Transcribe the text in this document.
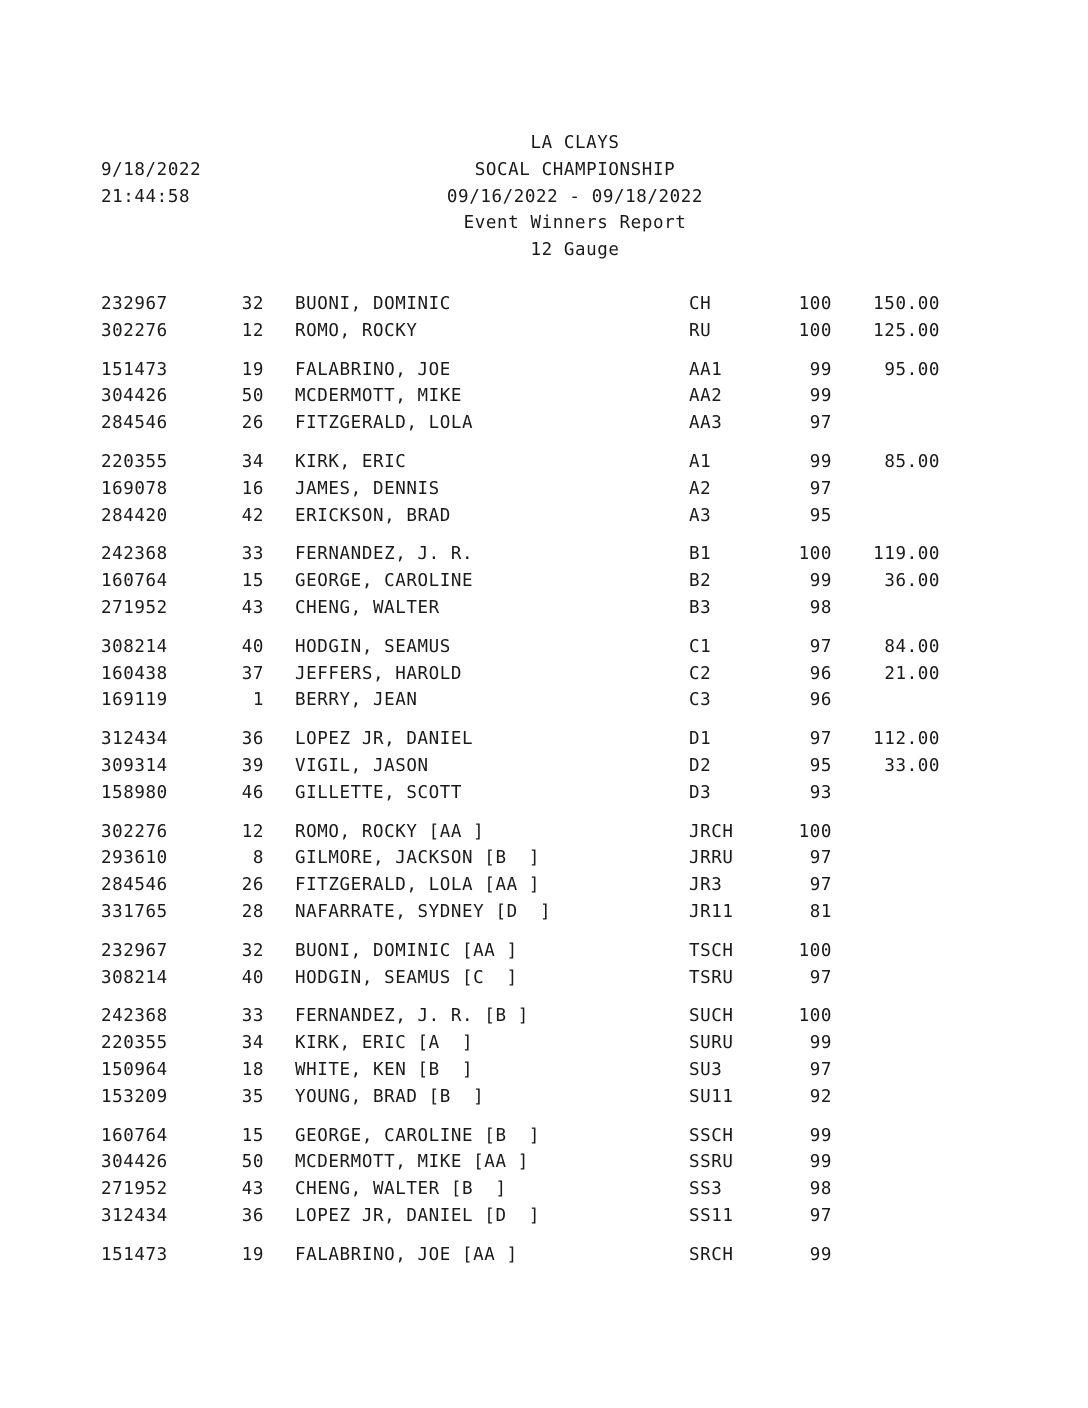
9/18/2022
21:44:58
LA CLAYS
SOCAL CHAMPIONSHIP
09/16/2022 - 09/18/2022
Event Winners Report
12 Gauge
232967	32 BUONI, DOMINIC	CH	100	150.00
302276	12 ROMO, ROCKY	RU	100	125.00
151473	19 FALABRINO, JOE	AA1	99	95.00
304426	50 MCDERMOTT, MIKE	AA2	99
284546	26 FITZGERALD, LOLA	AA3	97
220355	34 KIRK, ERIC	A1	99	85.00
169078	16 JAMES, DENNIS	A2	97
284420	42 ERICKSON, BRAD	A3	95
242368	33 FERNANDEZ, J. R.	B1	100	119.00
160764	15 GEORGE, CAROLINE	B2	99	36.00
271952	43 CHENG, WALTER	B3	98
308214	40 HODGIN, SEAMUS	C1	97	84.00
160438	37 JEFFERS, HAROLD	C2	96	21.00
169119	1 BERRY, JEAN	C3	96
312434	36 LOPEZ JR, DANIEL	D1	97	112.00
309314	39 VIGIL, JASON	D2	95	33.00
158980	46 GILLETTE, SCOTT	D3	93
302276	12 ROMO, ROCKY [AA ]	JRCH	100
293610	8 GILMORE, JACKSON [B  ]	JRRU	97
284546	26 FITZGERALD, LOLA [AA ]	JR3	97
331765	28 NAFARRATE, SYDNEY [D  ]	JR11	81
232967	32 BUONI, DOMINIC [AA ]	TSCH	100
308214	40 HODGIN, SEAMUS [C  ]	TSRU	97
242368	33 FERNANDEZ, J. R. [B ]	SUCH	100
220355	34 KIRK, ERIC [A  ]	SURU	99
150964	18 WHITE, KEN [B  ]	SU3	97
153209	35 YOUNG, BRAD [B  ]	SU11	92
160764	15 GEORGE, CAROLINE [B  ]	SSCH	99
304426	50 MCDERMOTT, MIKE [AA ]	SSRU	99
271952	43 CHENG, WALTER [B  ]	SS3	98
312434	36 LOPEZ JR, DANIEL [D  ]	SS11	97
151473	19 FALABRINO, JOE [AA ]	SRCH	99
